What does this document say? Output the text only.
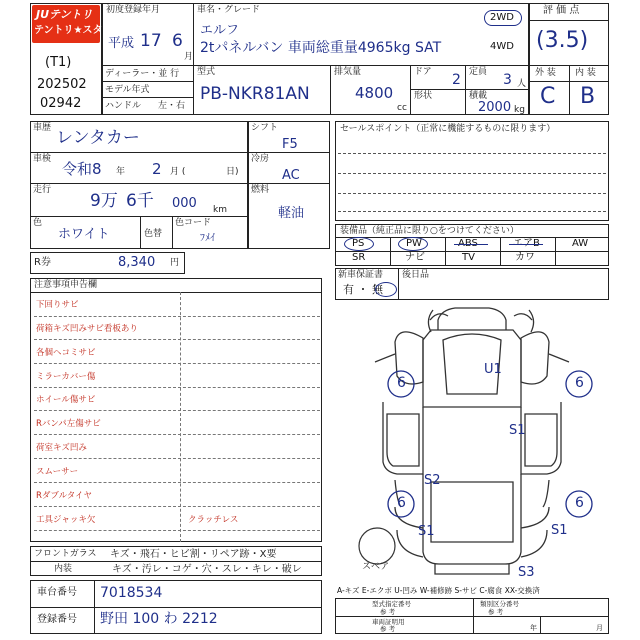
JUテントリ
テントリ★スター
(T1)
202502
02942
初度登録年月
平成 17 6
月
車名・グレード
エルフ
2tパネルバン 車両総重量4965kg SAT
2WD
4WD
ディーラー・並 行
モデル年式
ハンドル 左・右
型式
PB-NKR81AN
排気量
4800
cc
ドア 2 定員 3 人
形状	積載
2000 kg
評 価 点
(3.5)
外 装 内 装
C B
車歴 レンタカー
車検
令和8 年 2 月 (	日)
走行
9万 6千 000 km
色
ホワイト	色替
色コード
ﾌﾒｲ
シフト
F5
冷房
AC
燃料
軽油
R券	8,340 円
セールスポイント（正常に機能するものに限ります）
装備品（純正品に限り○をつけてください）
PS	PW	ABS	エアB	AW
SR	ナビ	TV	カワ
新車保証書
有 ・ 無
後日品
注意事項申告欄
下回りサビ
荷箱キズ凹みサビ看板あり
各個ヘコミサビ
ミラーカバー傷
ホイール傷サビ
Rバンパ左傷サビ
荷室キズ凹み
スムーサー
Rダブルタイヤ
工具ジャッキ欠	クラッチレス
フロントガラス キズ・飛石・ヒビ割・リペア跡・X要
内装	キズ・汚レ・コゲ・穴・スレ・キレ・破レ
車台番号 7018534
登録番号 野田 100 わ 2212
U1
6	6
S1
6
S2
6
S1	S1
S3
スペア
A-キズ E-エクボ U-凹み W-補修跡 S-サビ C-腐食 XX-交換済
型式指定番号	類別区分番号
参 考	参 考
車両証明用
参 考	年	月
